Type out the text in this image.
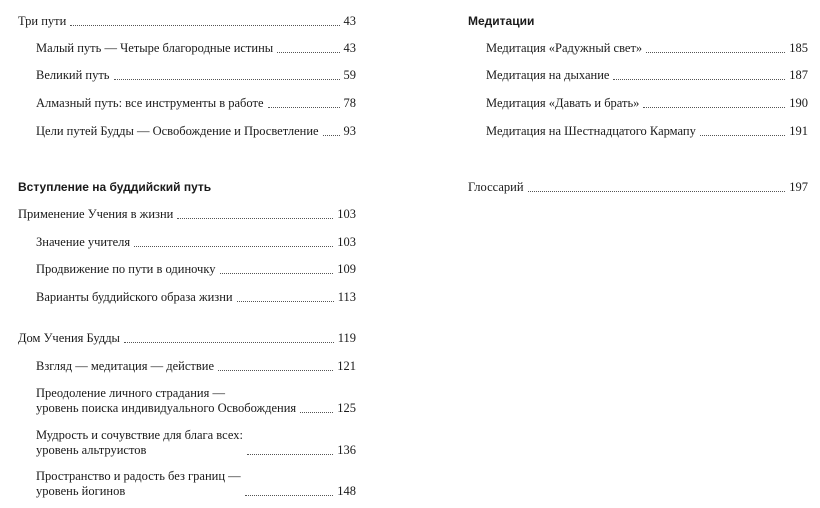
Три пути	43
Малый путь — Четыре благородные истины	43
Великий путь	59
Алмазный путь: все инструменты в работе	78
Цели путей Будды — Освобождение и Просветление 93
Вступление на буддийский путь
Применение Учения в жизни	103
Значение учителя	103
Продвижение по пути в одиночку	109
Варианты буддийского образа жизни	113
Дом Учения Будды	119
Взгляд — медитация — действие	121
Преодоление личного страдания —
уровень поиска индивидуального Освобождения	125
Мудрость и сочувствие для блага всех:
уровень альтруистов	136
Пространство и радость без границ —
уровень йогинов	148
Медитации
Медитация «Радужный свет»	185
Медитация на дыхание	187
Медитация «Давать и брать»	190
Медитация на Шестнадцатого Кармапу	191
Глоссарий	197
